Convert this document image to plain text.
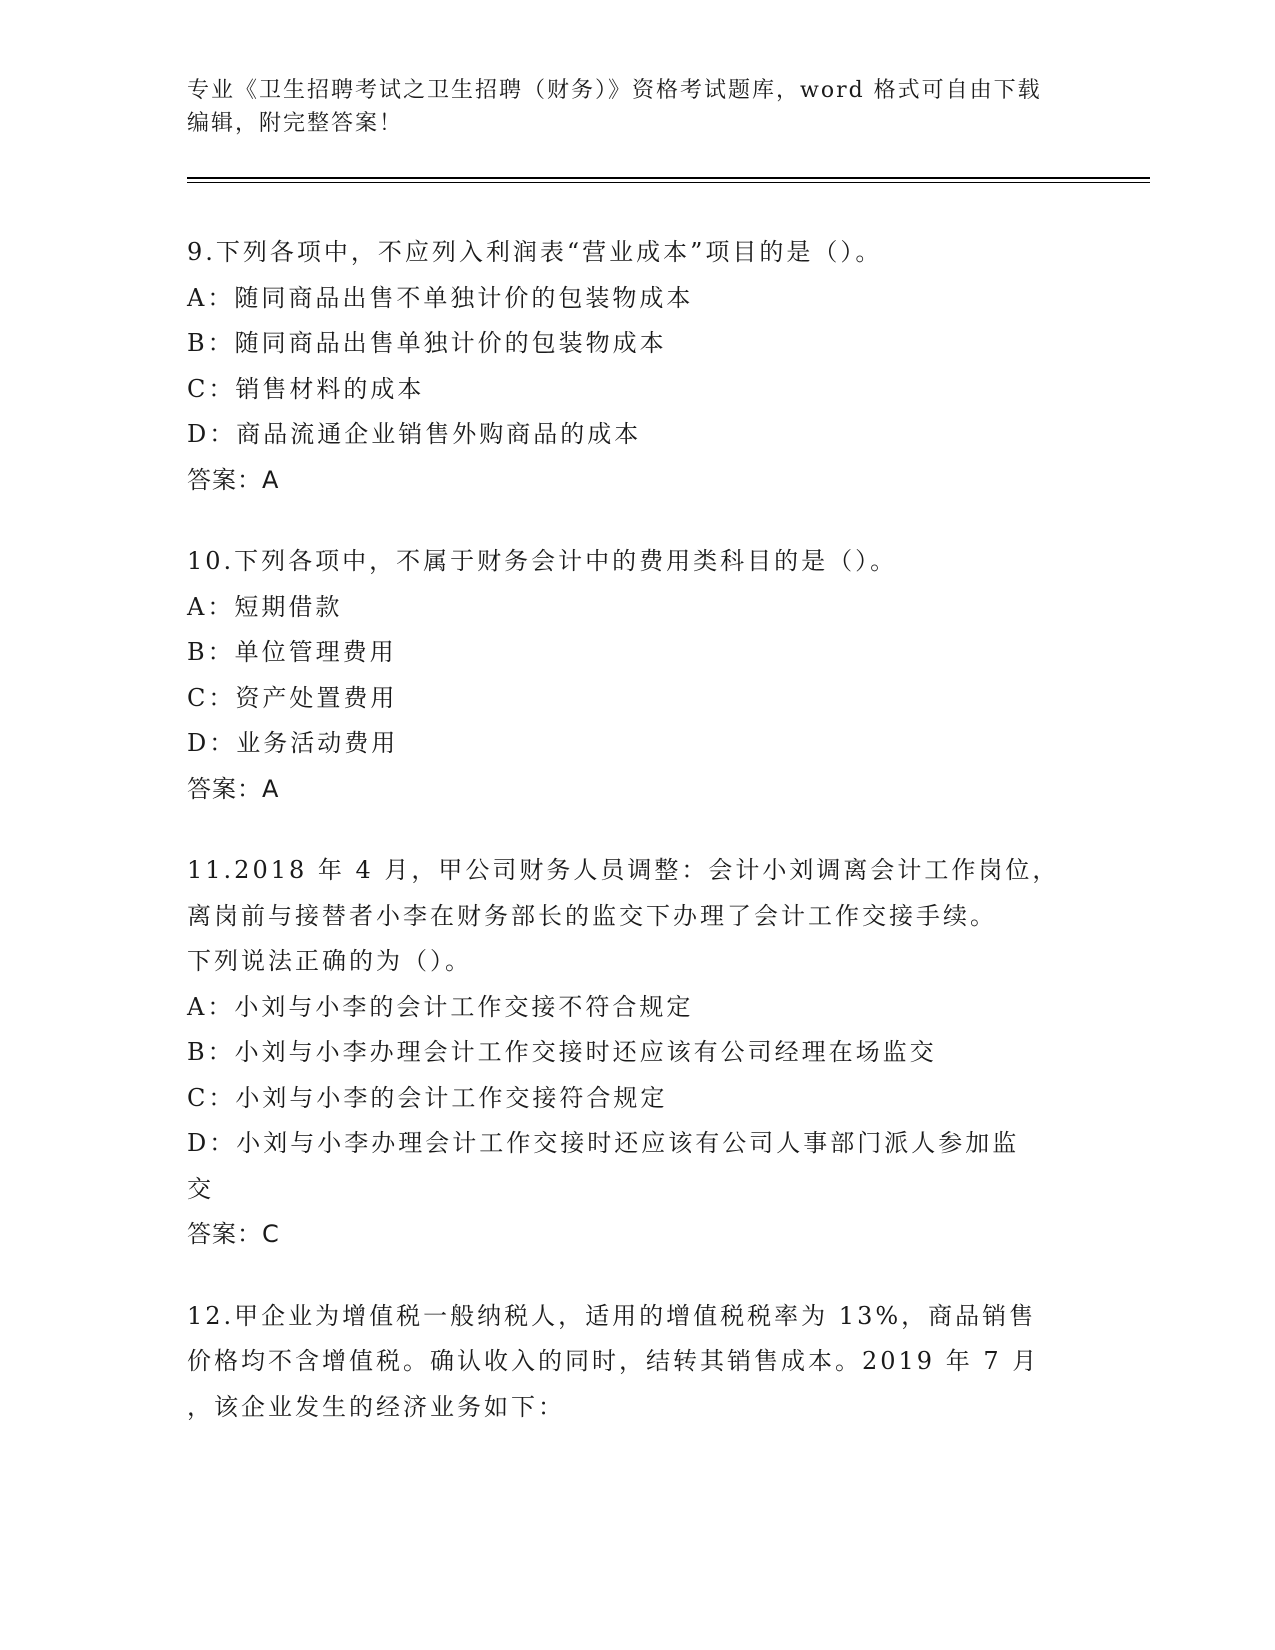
专业《卫生招聘考试之卫生招聘（财务）》资格考试题库，word 格式可自由下载
编辑，附完整答案！
9.下列各项中，不应列入利润表“营业成本”项目的是（）。
A：随同商品出售不单独计价的包装物成本
B：随同商品出售单独计价的包装物成本
C：销售材料的成本
D：商品流通企业销售外购商品的成本
答案：A
10.下列各项中，不属于财务会计中的费用类科目的是（）。
A：短期借款
B：单位管理费用
C：资产处置费用
D：业务活动费用
答案：A
11.2018 年 4 月，甲公司财务人员调整：会计小刘调离会计工作岗位，
离岗前与接替者小李在财务部长的监交下办理了会计工作交接手续。
下列说法正确的为（）。
A：小刘与小李的会计工作交接不符合规定
B：小刘与小李办理会计工作交接时还应该有公司经理在场监交
C：小刘与小李的会计工作交接符合规定
D：小刘与小李办理会计工作交接时还应该有公司人事部门派人参加监
交
答案：C
12.甲企业为增值税一般纳税人，适用的增值税税率为 13%，商品销售
价格均不含增值税。确认收入的同时，结转其销售成本。2019 年 7 月
，该企业发生的经济业务如下：
